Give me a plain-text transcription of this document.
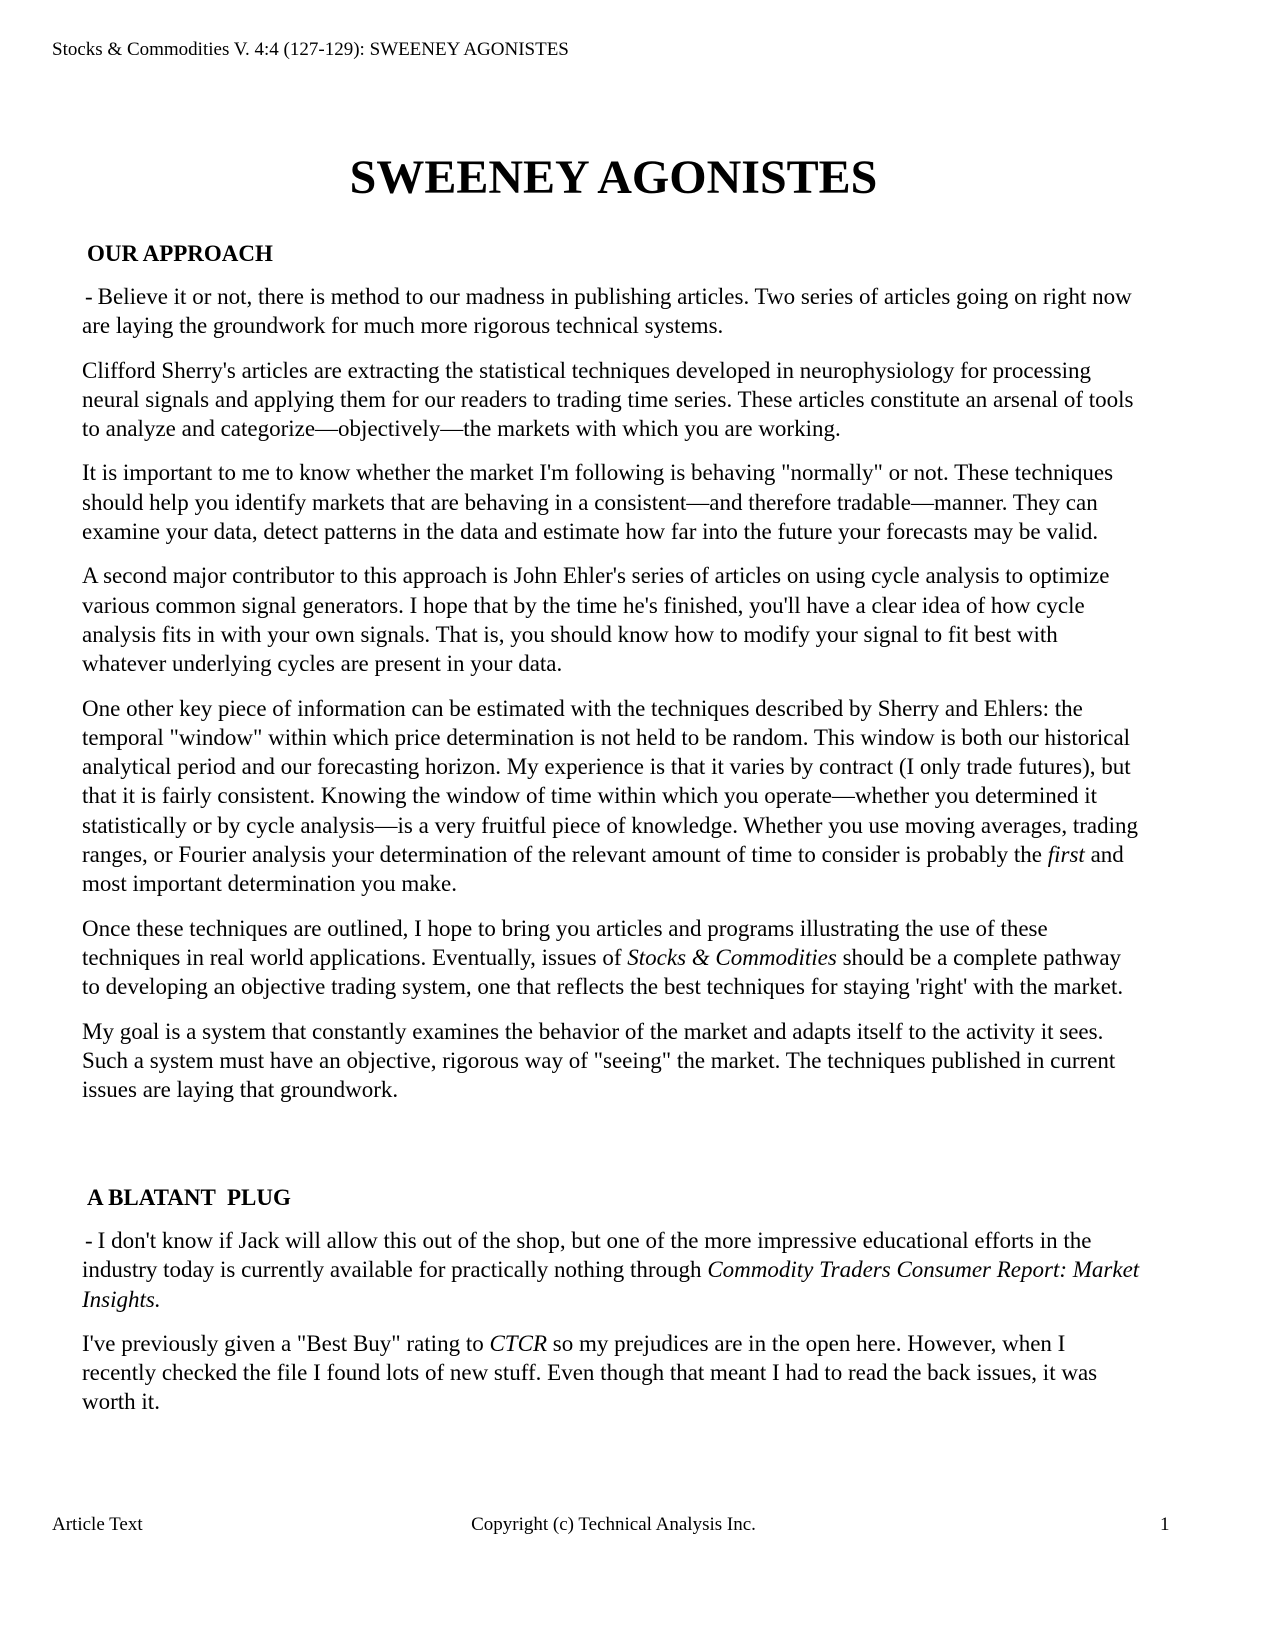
Stocks & Commodities V. 4:4 (127-129): SWEENEY AGONISTES
SWEENEY AGONISTES
OUR APPROACH

- Believe it or not, there is method to our madness in publishing articles. Two series of articles going on right now are laying the groundwork for much more rigorous technical systems.

Clifford Sherry's articles are extracting the statistical techniques developed in neurophysiology for processing neural signals and applying them for our readers to trading time series. These articles constitute an arsenal of tools to analyze and categorize—objectively—the markets with which you are working.

It is important to me to know whether the market I'm following is behaving "normally" or not. These techniques should help you identify markets that are behaving in a consistent—and therefore tradable—manner. They can examine your data, detect patterns in the data and estimate how far into the future your forecasts may be valid.

A second major contributor to this approach is John Ehler's series of articles on using cycle analysis to optimize various common signal generators. I hope that by the time he's finished, you'll have a clear idea of how cycle analysis fits in with your own signals. That is, you should know how to modify your signal to fit best with whatever underlying cycles are present in your data.

One other key piece of information can be estimated with the techniques described by Sherry and Ehlers: the temporal "window" within which price determination is not held to be random. This window is both our historical analytical period and our forecasting horizon. My experience is that it varies by contract (I only trade futures), but that it is fairly consistent. Knowing the window of time within which you operate—whether you determined it statistically or by cycle analysis—is a very fruitful piece of knowledge. Whether you use moving averages, trading ranges, or Fourier analysis your determination of the relevant amount of time to consider is probably the first and most important determination you make.

Once these techniques are outlined, I hope to bring you articles and programs illustrating the use of these techniques in real world applications. Eventually, issues of Stocks & Commodities should be a complete pathway to developing an objective trading system, one that reflects the best techniques for staying 'right' with the market.

My goal is a system that constantly examines the behavior of the market and adapts itself to the activity it sees. Such a system must have an objective, rigorous way of "seeing" the market. The techniques published in current issues are laying that groundwork.

A BLATANT  PLUG

- I don't know if Jack will allow this out of the shop, but one of the more impressive educational efforts in the industry today is currently available for practically nothing through Commodity Traders Consumer Report: Market Insights.

I've previously given a "Best Buy" rating to CTCR so my prejudices are in the open here. However, when I recently checked the file I found lots of new stuff. Even though that meant I had to read the back issues, it was worth it.

Article Text	Copyright (c) Technical Analysis Inc.	1
